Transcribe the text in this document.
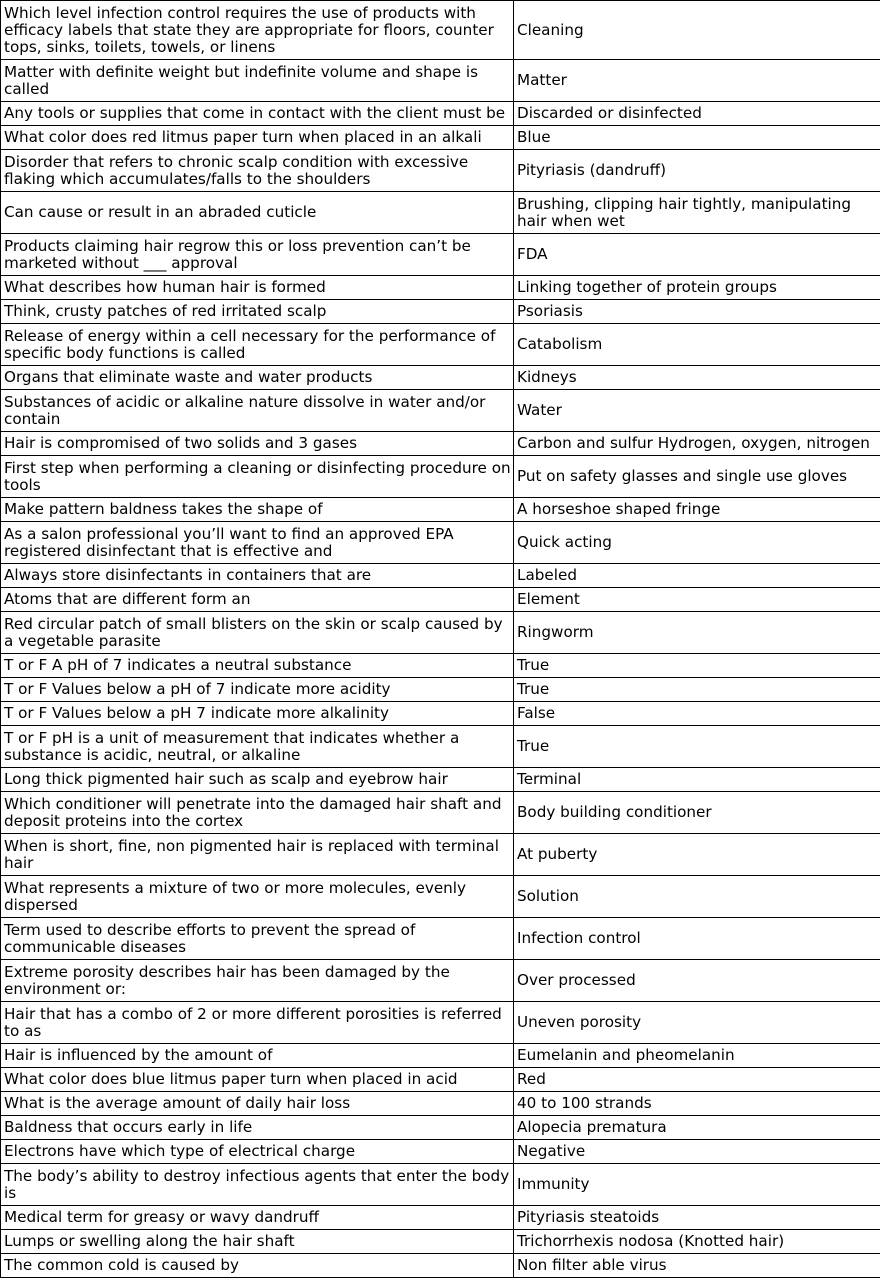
Which level infection control requires the use of products with efficacy labels that state they are appropriate for floors, counter tops, sinks, toilets, towels, or linens	Cleaning
Matter with definite weight but indefinite volume and shape is called	Matter
Any tools or supplies that come in contact with the client must be	Discarded or disinfected
What color does red litmus paper turn when placed in an alkali	Blue
Disorder that refers to chronic scalp condition with excessive flaking which accumulates/falls to the shoulders	Pityriasis (dandruff)
Can cause or result in an abraded cuticle	Brushing, clipping hair tightly, manipulating hair when wet
Products claiming hair regrow this or loss prevention can’t be marketed without ___ approval	FDA
What describes how human hair is formed	Linking together of protein groups
Think, crusty patches of red irritated scalp	Psoriasis
Release of energy within a cell necessary for the performance of specific body functions is called	Catabolism
Organs that eliminate waste and water products	Kidneys
Substances of acidic or alkaline nature dissolve in water and/or contain	Water
Hair is compromised of two solids and 3 gases	Carbon and sulfur Hydrogen, oxygen, nitrogen
First step when performing a cleaning or disinfecting procedure on tools	Put on safety glasses and single use gloves
Make pattern baldness takes the shape of	A horseshoe shaped fringe
As a salon professional you’ll want to find an approved EPA registered disinfectant that is effective and	Quick acting
Always store disinfectants in containers that are	Labeled
Atoms that are different form an	Element
Red circular patch of small blisters on the skin or scalp caused by a vegetable parasite	Ringworm
T or F A pH of 7 indicates a neutral substance	True
T or F Values below a pH of 7 indicate more acidity	True
T or F Values below a pH 7 indicate more alkalinity	False
T or F pH is a unit of measurement that indicates whether a substance is acidic, neutral, or alkaline	True
Long thick pigmented hair such as scalp and eyebrow hair	Terminal
Which conditioner will penetrate into the damaged hair shaft and deposit proteins into the cortex	Body building conditioner
When is short, fine, non pigmented hair is replaced with terminal hair	At puberty
What represents a mixture of two or more molecules, evenly dispersed	Solution
Term used to describe efforts to prevent the spread of communicable diseases	Infection control
Extreme porosity describes hair has been damaged by the environment or:	Over processed
Hair that has a combo of 2 or more different porosities is referred to as	Uneven porosity
Hair is influenced by the amount of	Eumelanin and pheomelanin
What color does blue litmus paper turn when placed in acid	Red
What is the average amount of daily hair loss	40 to 100 strands
Baldness that occurs early in life	Alopecia prematura
Electrons have which type of electrical charge	Negative
The body’s ability to destroy infectious agents that enter the body is	Immunity
Medical term for greasy or wavy dandruff	Pityriasis steatoids
Lumps or swelling along the hair shaft	Trichorrhexis nodosa (Knotted hair)
The common cold is caused by	Non filter able virus
